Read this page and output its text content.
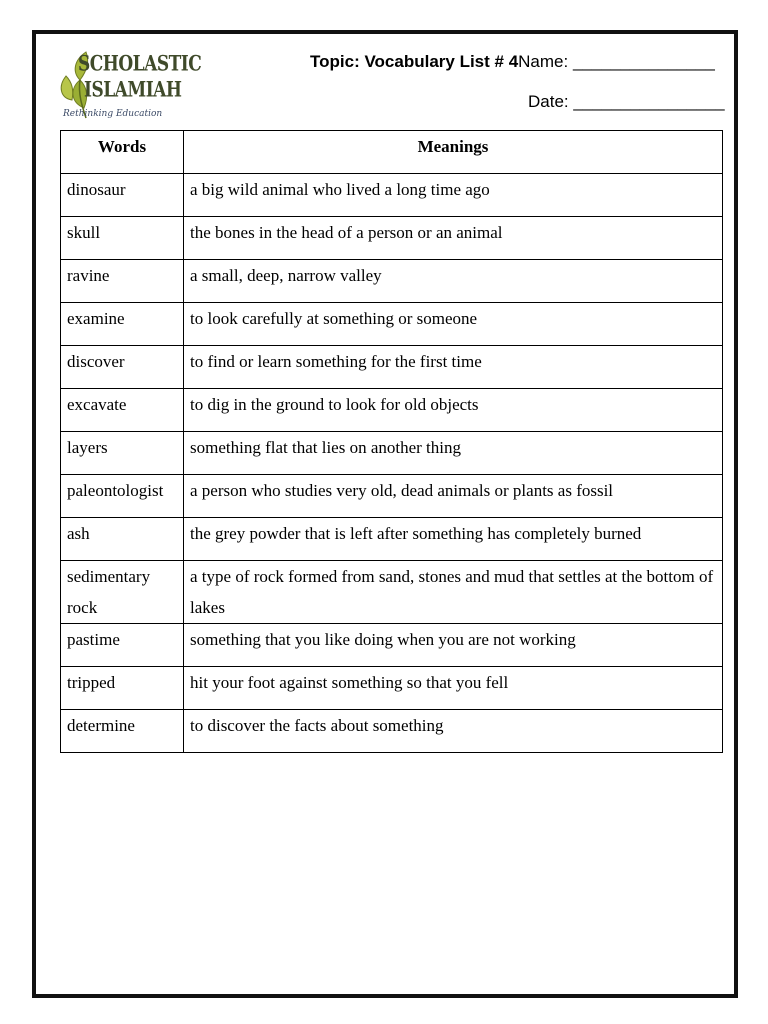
SCHOLASTIC
ISLAMIAH
Rethinking Education
Topic: Vocabulary List # 4Name: _______________
Date: ________________
Words	Meanings
dinosaur	a big wild animal who lived a long time ago
skull	the bones in the head of a person or an animal
ravine	a small, deep, narrow valley
examine	to look carefully at something or someone
discover	to find or learn something for the first time
excavate	to dig in the ground to look for old objects
layers	something flat that lies on another thing
paleontologist	a person who studies very old, dead animals or plants as fossil
ash	the grey powder that is left after something has completely burned
sedimentary rock	a type of rock formed from sand, stones and mud that settles at the bottom of lakes
pastime	something that you like doing when you are not working
tripped	hit your foot against something so that you fell
determine	to discover the facts about something
